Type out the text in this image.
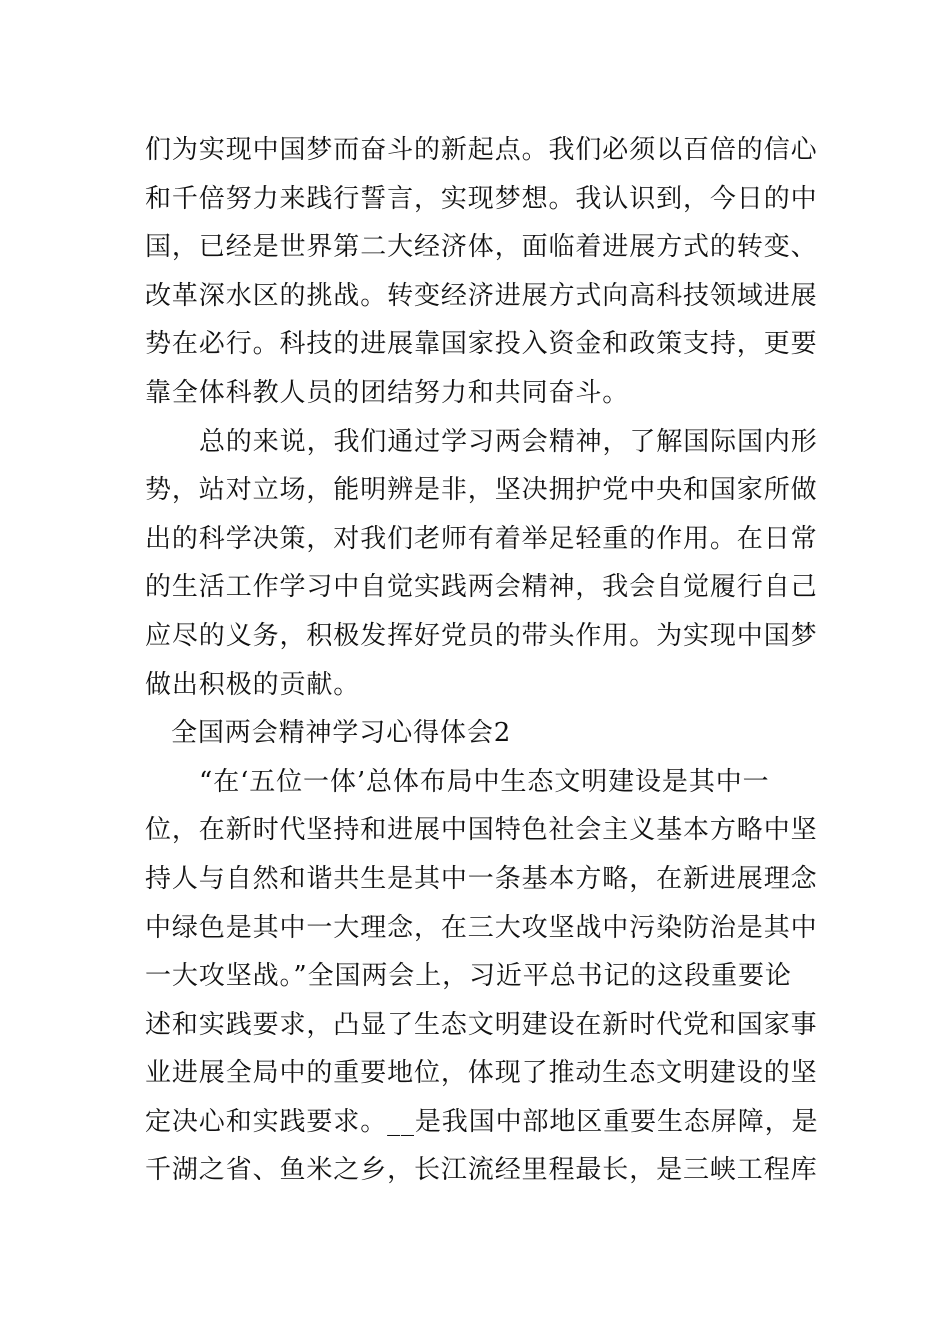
们为实现中国梦而奋斗的新起点。我们必须以百倍的信心
和千倍努力来践行誓言，实现梦想。我认识到，今日的中
国，已经是世界第二大经济体，面临着进展方式的转变、
改革深水区的挑战。转变经济进展方式向高科技领域进展
势在必行。科技的进展靠国家投入资金和政策支持，更要
靠全体科教人员的团结努力和共同奋斗。
总的来说，我们通过学习两会精神，了解国际国内形
势，站对立场，能明辨是非，坚决拥护党中央和国家所做
出的科学决策，对我们老师有着举足轻重的作用。在日常
的生活工作学习中自觉实践两会精神，我会自觉履行自己
应尽的义务，积极发挥好党员的带头作用。为实现中国梦
做出积极的贡献。
全国两会精神学习心得体会2
“在‘五位一体’总体布局中生态文明建设是其中一
位，在新时代坚持和进展中国特色社会主义基本方略中坚
持人与自然和谐共生是其中一条基本方略，在新进展理念
中绿色是其中一大理念，在三大攻坚战中污染防治是其中
一大攻坚战。”全国两会上，习近平总书记的这段重要论
述和实践要求，凸显了生态文明建设在新时代党和国家事
业进展全局中的重要地位，体现了推动生态文明建设的坚
定决心和实践要求。__是我国中部地区重要生态屏障，是
千湖之省、鱼米之乡，长江流经里程最长，是三峡工程库
